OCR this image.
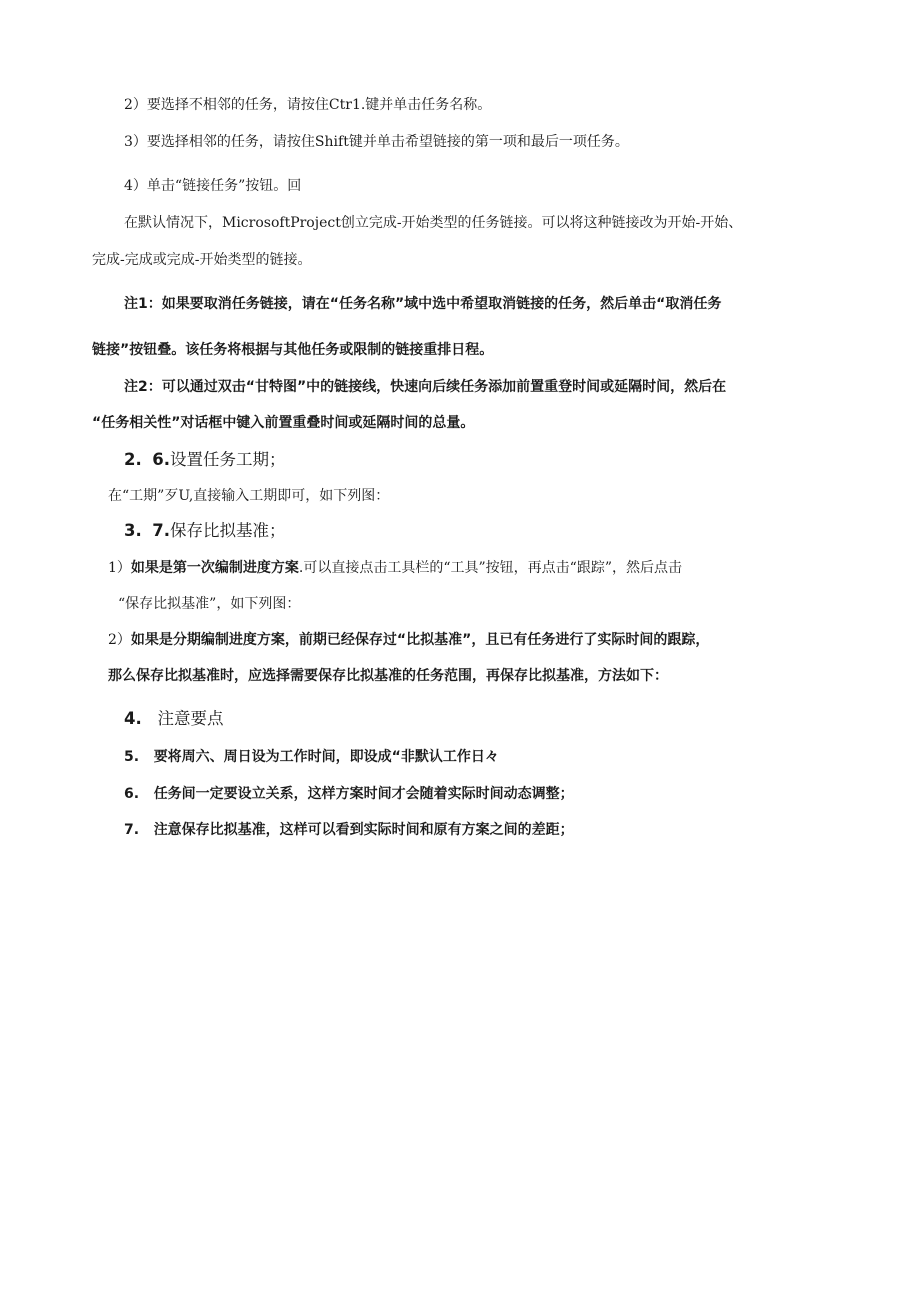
2）要选择不相邻的任务，请按住Ctr1.键并单击任务名称。
3）要选择相邻的任务，请按住Shift键并单击希望链接的第一项和最后一项任务。
4）单击“链接任务”按钮。回
在默认情况下，MicrosoftProject创立完成-开始类型的任务链接。可以将这种链接改为开始-开始、
完成-完成或完成-开始类型的链接。
注1：如果要取消任务链接，请在“任务名称”域中选中希望取消链接的任务，然后单击“取消任务
链接”按钮叠。该任务将根据与其他任务或限制的链接重排日程。
注2：可以通过双击“甘特图”中的链接线，快速向后续任务添加前置重登时间或延隔时间，然后在
“任务相关性”对话框中键入前置重叠时间或延隔时间的总量。
2. 6.设置任务工期；
在“工期”歹U,直接输入工期即可，如下列图：
3. 7.保存比拟基准；
1）如果是第一次编制进度方案.可以直接点击工具栏的“工具”按钮，再点击“跟踪”，然后点击
“保存比拟基准”，如下列图：
2）如果是分期编制进度方案，前期已经保存过“比拟基准”，且已有任务进行了实际时间的跟踪，
那么保存比拟基准时，应选择需要保存比拟基准的任务范围，再保存比拟基准，方法如下：
4. 注意要点
5. 要将周六、周日设为工作时间，即设成“非默认工作日々
6. 任务间一定要设立关系，这样方案时间才会随着实际时间动态调整；
7. 注意保存比拟基准，这样可以看到实际时间和原有方案之间的差距；
